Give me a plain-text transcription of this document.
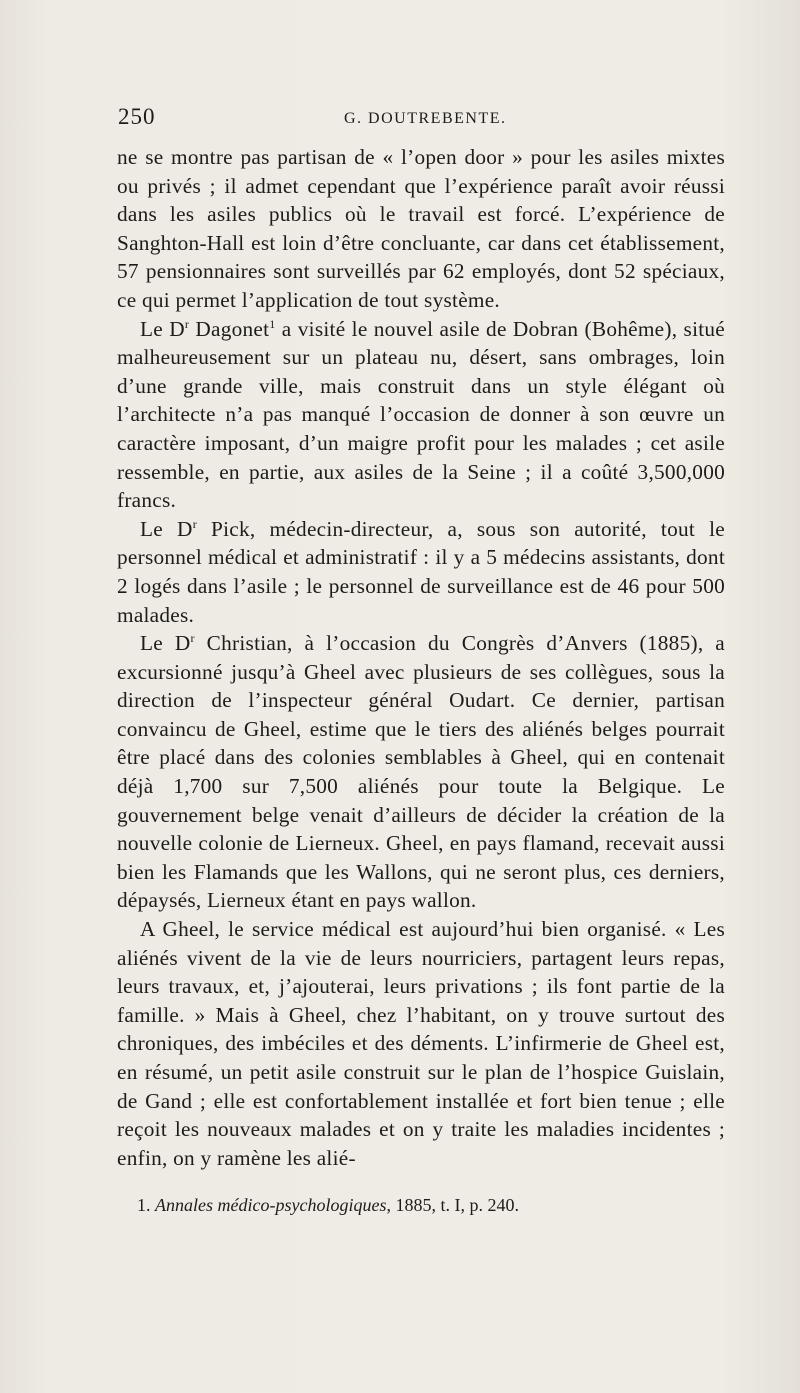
250	G. DOUTREBENTE.

ne se montre pas partisan de « l’open door » pour les asiles mixtes ou privés ; il admet cependant que l’expérience paraît avoir réussi dans les asiles publics où le travail est forcé. L’expérience de Sanghton-Hall est loin d’être concluante, car dans cet établissement, 57 pensionnaires sont surveillés par 62 employés, dont 52 spéciaux, ce qui permet l’application de tout système.

Le $D^r$ Dagonet$^1$ a visité le nouvel asile de Dobran (Bohême), situé malheureusement sur un plateau nu, désert, sans ombrages, loin d’une grande ville, mais construit dans un style élégant où l’architecte n’a pas manqué l’occasion de donner à son œuvre un caractère imposant, d’un maigre profit pour les malades ; cet asile ressemble, en partie, aux asiles de la Seine ; il a coûté 3,500,000 francs.

Le $D^r$ Pick, médecin-directeur, a, sous son autorité, tout le personnel médical et administratif : il y a 5 médecins assistants, dont 2 logés dans l’asile ; le personnel de surveillance est de 46 pour 500 malades.

Le $D^r$ Christian, à l’occasion du Congrès d’Anvers (1885), a excursionné jusqu’à Gheel avec plusieurs de ses collègues, sous la direction de l’inspecteur général Oudart. Ce dernier, partisan convaincu de Gheel, estime que le tiers des aliénés belges pourrait être placé dans des colonies semblables à Gheel, qui en contenait déjà 1,700 sur 7,500 aliénés pour toute la Belgique. Le gouvernement belge venait d’ailleurs de décider la création de la nouvelle colonie de Lierneux. Gheel, en pays flamand, recevait aussi bien les Flamands que les Wallons, qui ne seront plus, ces derniers, dépaysés, Lierneux étant en pays wallon.

A Gheel, le service médical est aujourd’hui bien organisé. « Les aliénés vivent de la vie de leurs nourriciers, partagent leurs repas, leurs travaux, et, j’ajouterai, leurs privations ; ils font partie de la famille. » Mais à Gheel, chez l’habitant, on y trouve surtout des chroniques, des imbéciles et des déments. L’infirmerie de Gheel est, en résumé, un petit asile construit sur le plan de l’hospice Guislain, de Gand ; elle est confortablement installée et fort bien tenue ; elle reçoit les nouveaux malades et on y traite les maladies incidentes ; enfin, on y ramène les alié-

1. Annales médico-psychologiques, 1885, t. I, p. 240.
